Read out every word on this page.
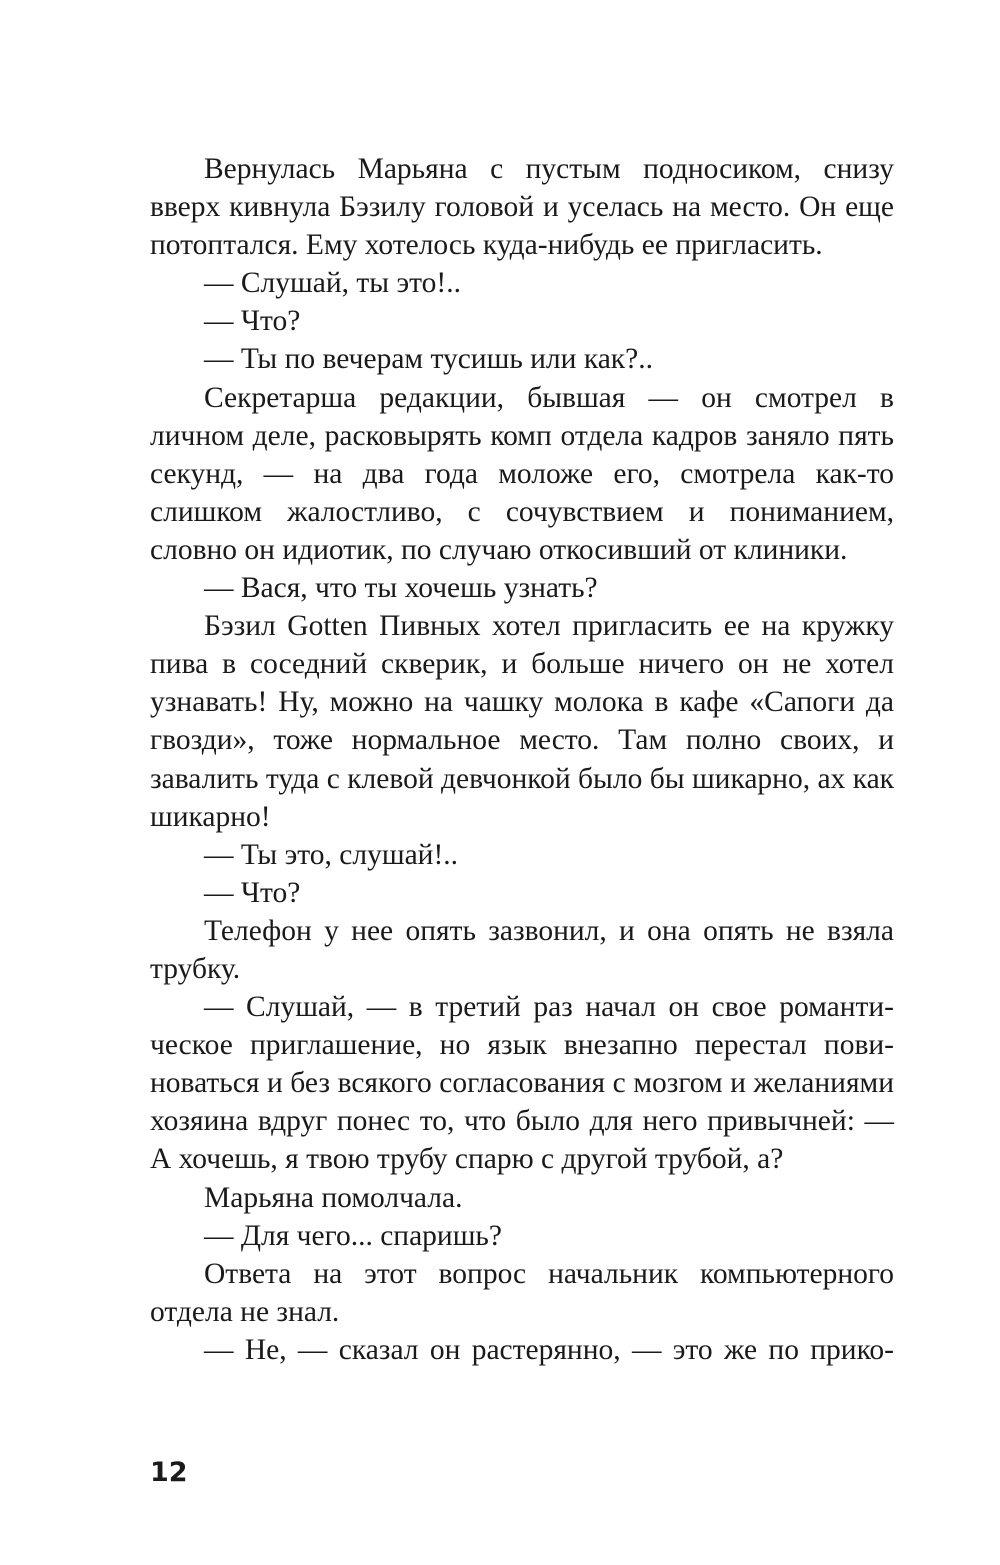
Вернулась Марьяна с пустым подносиком, снизу вверх кивнула Бэзилу головой и уселась на место. Он еще потоптался. Ему хотелось куда-нибудь ее пригласить.

— Слушай, ты это!..

— Что?

— Ты по вечерам тусишь или как?..

Секретарша редакции, бывшая — он смотрел в личном деле, расковырять комп отдела кадров заняло пять секунд, — на два года моложе его, смотрела как-то слишком жалостливо, с сочувствием и пониманием, словно он идиотик, по случаю откосивший от клиники.

— Вася, что ты хочешь узнать?

Бэзил Gotten Пивных хотел пригласить ее на кружку пива в соседний скверик, и больше ничего он не хотел узнавать! Ну, можно на чашку молока в кафе «Сапоги да гвозди», тоже нормальное место. Там полно своих, и завалить туда с клевой девчонкой было бы шикарно, ах как шикарно!

— Ты это, слушай!..

— Что?

Телефон у нее опять зазвонил, и она опять не взяла трубку.

— Слушай, — в третий раз начал он свое романтическое приглашение, но язык внезапно перестал повиноваться и без всякого согласования с мозгом и желаниями хозяина вдруг понес то, что было для него привычней: — А хочешь, я твою трубу спарю с другой трубой, а?

Марьяна помолчала.

— Для чего... спаришь?

Ответа на этот вопрос начальник компьютерного отдела не знал.

— Не, — сказал он растерянно, — это же по прико-

12
